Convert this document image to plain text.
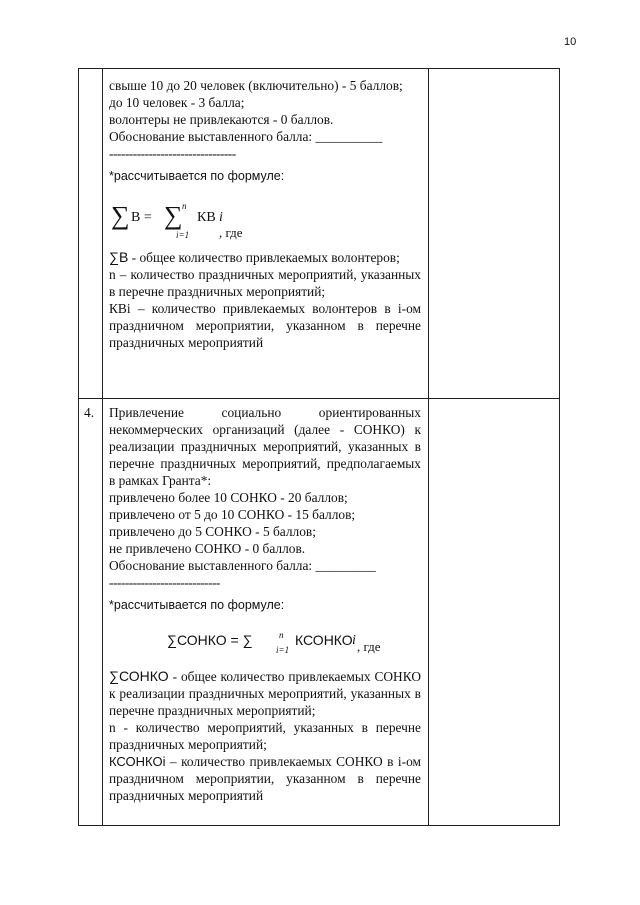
10

свыше 10 до 20 человек (включительно) - 5 баллов;

до 10 человек - 3 балла;

волонтеры не привлекаются - 0 баллов.

Обоснование выставленного балла: __________

--------------------------------

*рассчитывается по формуле:

∑ В = ∑ n
i=1
КВ i
, где

∑В - общее количество привлекаемых волонтеров;

n – количество праздничных мероприятий, указанных в перечне праздничных мероприятий;

КВi – количество привлекаемых волонтеров в i-ом праздничном мероприятии, указанном в перечне праздничных мероприятий

4. Привлечение социально ориентированных некоммерческих организаций (далее - СОНКО) к реализации праздничных мероприятий, указанных в перечне праздничных мероприятий, предполагаемых в рамках Гранта*:

привлечено более 10 СОНКО - 20 баллов;

привлечено от 5 до 10 СОНКО - 15 баллов;

привлечено до 5 СОНКО - 5 баллов;

не привлечено СОНКО - 0 баллов.

Обоснование выставленного балла: _________

----------------------------

*рассчитывается по формуле:

∑СОНКО = ∑	n
i=1
КСОНКО i , где

∑СОНКО - общее количество привлекаемых СОНКО к реализации праздничных мероприятий, указанных в перечне праздничных мероприятий;

n - количество мероприятий, указанных в перечне праздничных мероприятий;

КСОНКОi – количество привлекаемых СОНКО в i-ом праздничном мероприятии, указанном в перечне праздничных мероприятий
